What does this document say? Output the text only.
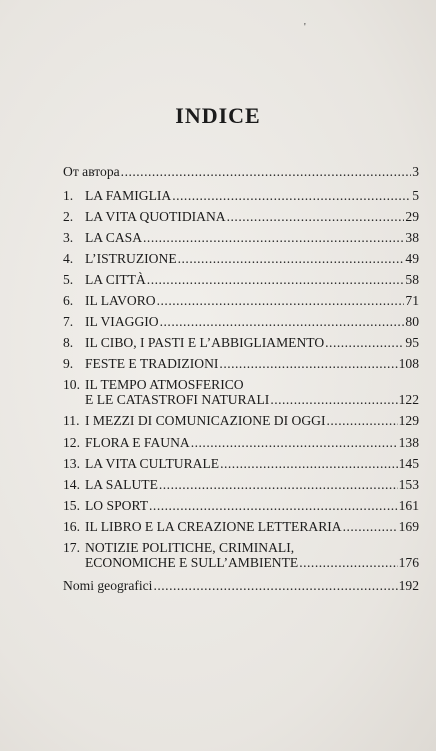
'
INDICE
От автора .....	3
1. LA FAMIGLIA .....	5
2. LA VITA QUOTIDIANA .....	29
3. LA CASA .....	38
4. L’ISTRUZIONE .....	49
5. LA CITTÀ .....	58
6. IL LAVORO .....	71
7. IL VIAGGIO .....	80
8. IL CIBO, I PASTI E L’ABBIGLIAMENTO .....	95
9. FESTE E TRADIZIONI .....	108
10. IL TEMPO ATMOSFERICO
E LE CATASTROFI NATURALI .....	122
11. I MEZZI DI COMUNICAZIONE DI OGGI .....	129
12. FLORA E FAUNA .....	138
13. LA VITA CULTURALE .....	145
14. LA SALUTE .....	153
15. LO SPORT .....	161
16. IL LIBRO E LA CREAZIONE LETTERARIA .....	169
17. NOTIZIE POLITICHE, CRIMINALI,
ECONOMICHE E SULL’AMBIENTE .....	176
Nomi geografici .....	192
